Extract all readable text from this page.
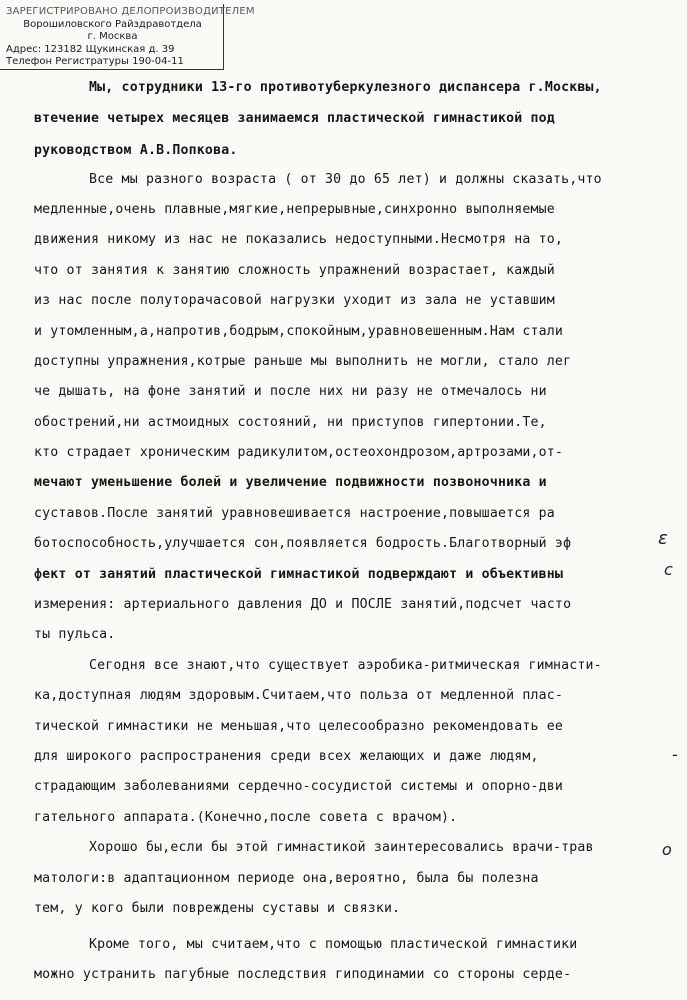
ЗАРЕГИСТРИРОВАНО ДЕЛОПРОИЗВОДИТЕЛЕМ
Ворошиловского Райздравотдела
г. Москва
Адрес: 123182 Щукинская д. 39
Телефон Регистратуры 190-04-11
Мы, сотрудники 13-го противотуберкулезного диспансера г.Москвы,
втечение четырех месяцев занимаемся пластической гимнастикой под
руководством А.В.Попкова.
Все мы разного возраста ( от 30 до 65 лет) и должны сказать,что
медленные,очень плавные,мягкие,непрерывные,синхронно выполняемые
движения никому из нас не показались недоступными.Несмотря на то,
что от занятия к занятию сложность упражнений возрастает, каждый
из нас после полуторачасовой нагрузки уходит из зала не уставшим
и утомленным,а,напротив,бодрым,спокойным,уравновешенным.Нам стали
доступны упражнения,котрые раньше мы выполнить не могли, стало лег
че дышать, на фоне занятий и после них ни разу не отмечалось ни
обострений,ни астмоидных состояний, ни приступов гипертонии.Те,
кто страдает хроническим радикулитом,остеохондрозом,артрозами,от-
мечают уменьшение болей и увеличение подвижности позвоночника и
суставов.После занятий уравновешивается настроение,повышается ра
ботоспособность,улучшается сон,появляется бодрость.Благотворный эф
фект от занятий пластической гимнастикой подверждают и объективны
измерения: артериального давления ДО и ПОСЛЕ занятий,подсчет часто
ты пульса.
Сегодня все знают,что существует аэробика-ритмическая гимнасти-
ка,доступная людям здоровым.Считаем,что польза от медленной плас-
тической гимнастики не меньшая,что целесообразно рекомендовать ее
для широкого распространения среди всех желающих и даже людям,
страдающим заболеваниями сердечно-сосудистой системы и опорно-дви
гательного аппарата.(Конечно,после совета с врачом).
Хорошо бы,если бы этой гимнастикой заинтересовались врачи-трав
матологи:в адаптационном периоде она,вероятно, была бы полезна
тем, у кого были повреждены суставы и связки.
Кроме того, мы считаем,что с помощью пластической гимнастики
можно устранить пагубные последствия гиподинамии со стороны серде-
ε
с
о
-
